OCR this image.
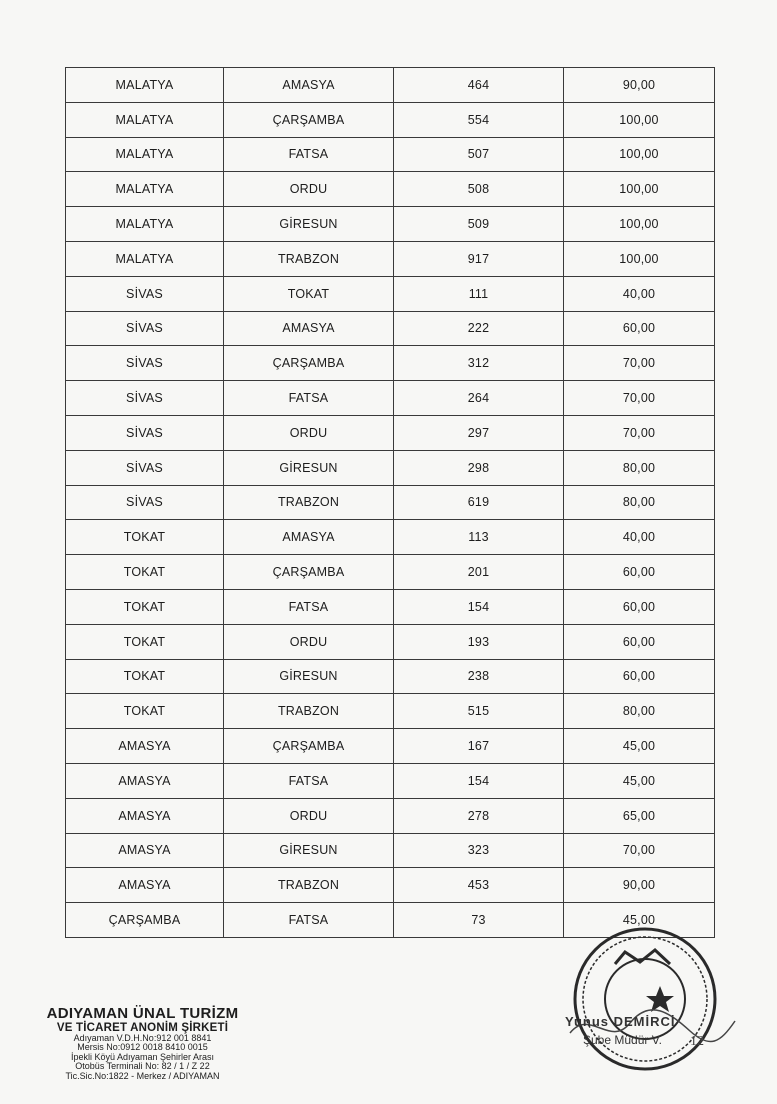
MALATYA	AMASYA	464	90,00
MALATYA	ÇARŞAMBA	554	100,00
MALATYA	FATSA	507	100,00
MALATYA	ORDU	508	100,00
MALATYA	GİRESUN	509	100,00
MALATYA	TRABZON	917	100,00
SİVAS	TOKAT	111	40,00
SİVAS	AMASYA	222	60,00
SİVAS	ÇARŞAMBA	312	70,00
SİVAS	FATSA	264	70,00
SİVAS	ORDU	297	70,00
SİVAS	GİRESUN	298	80,00
SİVAS	TRABZON	619	80,00
TOKAT	AMASYA	113	40,00
TOKAT	ÇARŞAMBA	201	60,00
TOKAT	FATSA	154	60,00
TOKAT	ORDU	193	60,00
TOKAT	GİRESUN	238	60,00
TOKAT	TRABZON	515	80,00
AMASYA	ÇARŞAMBA	167	45,00
AMASYA	FATSA	154	45,00
AMASYA	ORDU	278	65,00
AMASYA	GİRESUN	323	70,00
AMASYA	TRABZON	453	90,00
ÇARŞAMBA	FATSA	73	45,00
ADIYAMAN ÜNAL TURİZM
VE TİCARET ANONİM ŞİRKETİ
Adıyaman V.D.H.No:912 001 8841
Mersis No:0912 0018 8410 0015
İpekli Köyü Adıyaman Şehirler Arası
Otobüs Terminali No: 82 / 1 / Z 22
Tic.Sic.No:1822 - Merkez / ADIYAMAN
Yunus DEMİRCİ
Şube Müdür V. 12
